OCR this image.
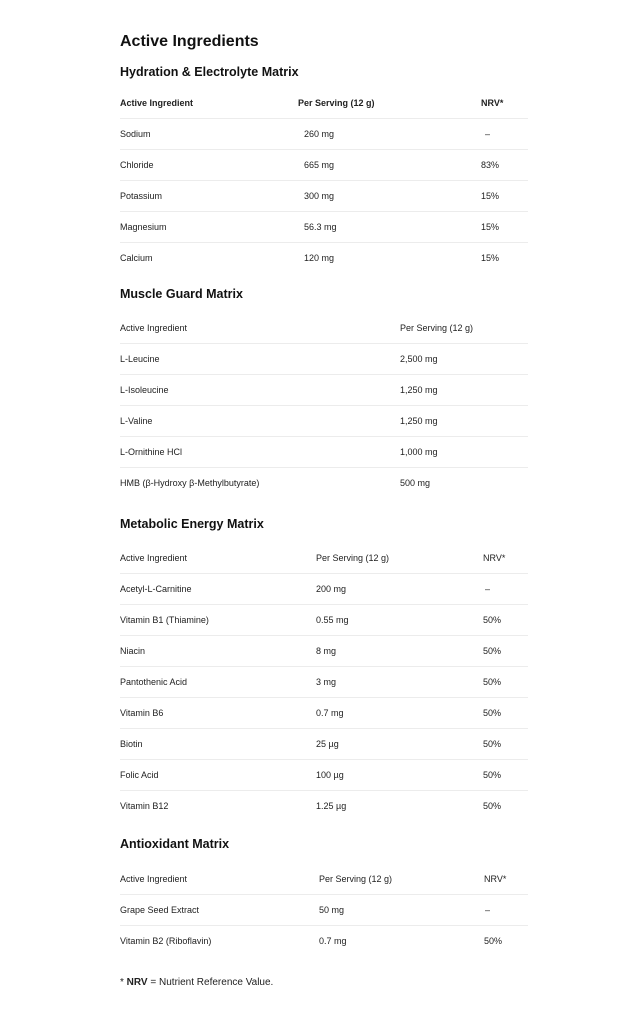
Active Ingredients
Hydration & Electrolyte Matrix
Active Ingredient	Per Serving (12 g)	NRV*
Sodium	260 mg	–
Chloride	665 mg	83%
Potassium	300 mg	15%
Magnesium	56.3 mg	15%
Calcium	120 mg	15%
Muscle Guard Matrix
Active Ingredient	Per Serving (12 g)
L-Leucine	2,500 mg
L-Isoleucine	1,250 mg
L-Valine	1,250 mg
L-Ornithine HCl	1,000 mg
HMB (β-Hydroxy β-Methylbutyrate)	500 mg
Metabolic Energy Matrix
Active Ingredient	Per Serving (12 g)	NRV*
Acetyl-L-Carnitine	200 mg	–
Vitamin B1 (Thiamine)	0.55 mg	50%
Niacin	8 mg	50%
Pantothenic Acid	3 mg	50%
Vitamin B6	0.7 mg	50%
Biotin	25 µg	50%
Folic Acid	100 µg	50%
Vitamin B12	1.25 µg	50%
Antioxidant Matrix
Active Ingredient	Per Serving (12 g)	NRV*
Grape Seed Extract	50 mg	–
Vitamin B2 (Riboflavin)	0.7 mg	50%
* NRV = Nutrient Reference Value.
